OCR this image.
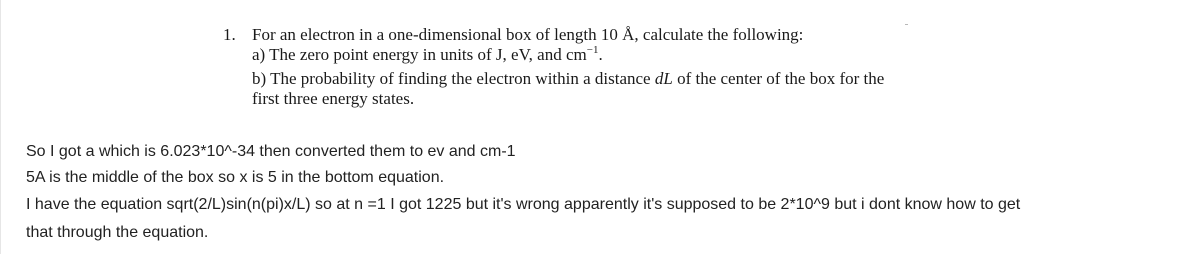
1. For an electron in a one-dimensional box of length 10 Å, calculate the following:
a) The zero point energy in units of J, eV, and $cm^{-1}$.
b) The probability of finding the electron within a distance dL of the center of the box for the
first three energy states.
So I got a which is 6.023*10^-34 then converted them to ev and cm-1
5A is the middle of the box so x is 5 in the bottom equation.
I have the equation sqrt(2/L)sin(n(pi)x/L) so at n =1 I got 1225 but it's wrong apparently it's supposed to be 2*10^9 but i dont know how to get
that through the equation.
